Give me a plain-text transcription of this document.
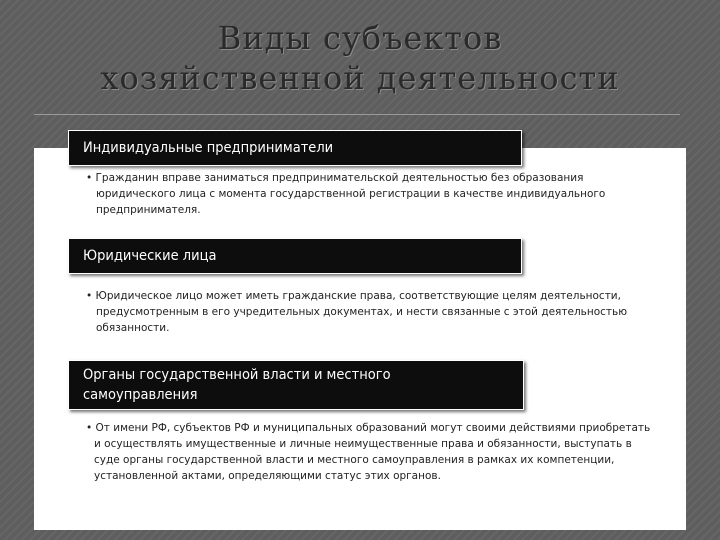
Виды субъектов
хозяйственной деятельности
Индивидуальные предприниматели
• Гражданин вправе заниматься предпринимательской деятельностью без образования
юридического лица с момента государственной регистрации в качестве индивидуального
предпринимателя.
Юридические лица
• Юридическое лицо может иметь гражданские права, соответствующие целям деятельности,
предусмотренным в его учредительных документах, и нести связанные с этой деятельностью
обязанности.
Органы государственной власти и местного
самоуправления
• От имени РФ, субъектов РФ и муниципальных образований могут своими действиями приобретать
и осуществлять имущественные и личные неимущественные права и обязанности, выступать в
суде органы государственной власти и местного самоуправления в рамках их компетенции,
установленной актами, определяющими статус этих органов.
